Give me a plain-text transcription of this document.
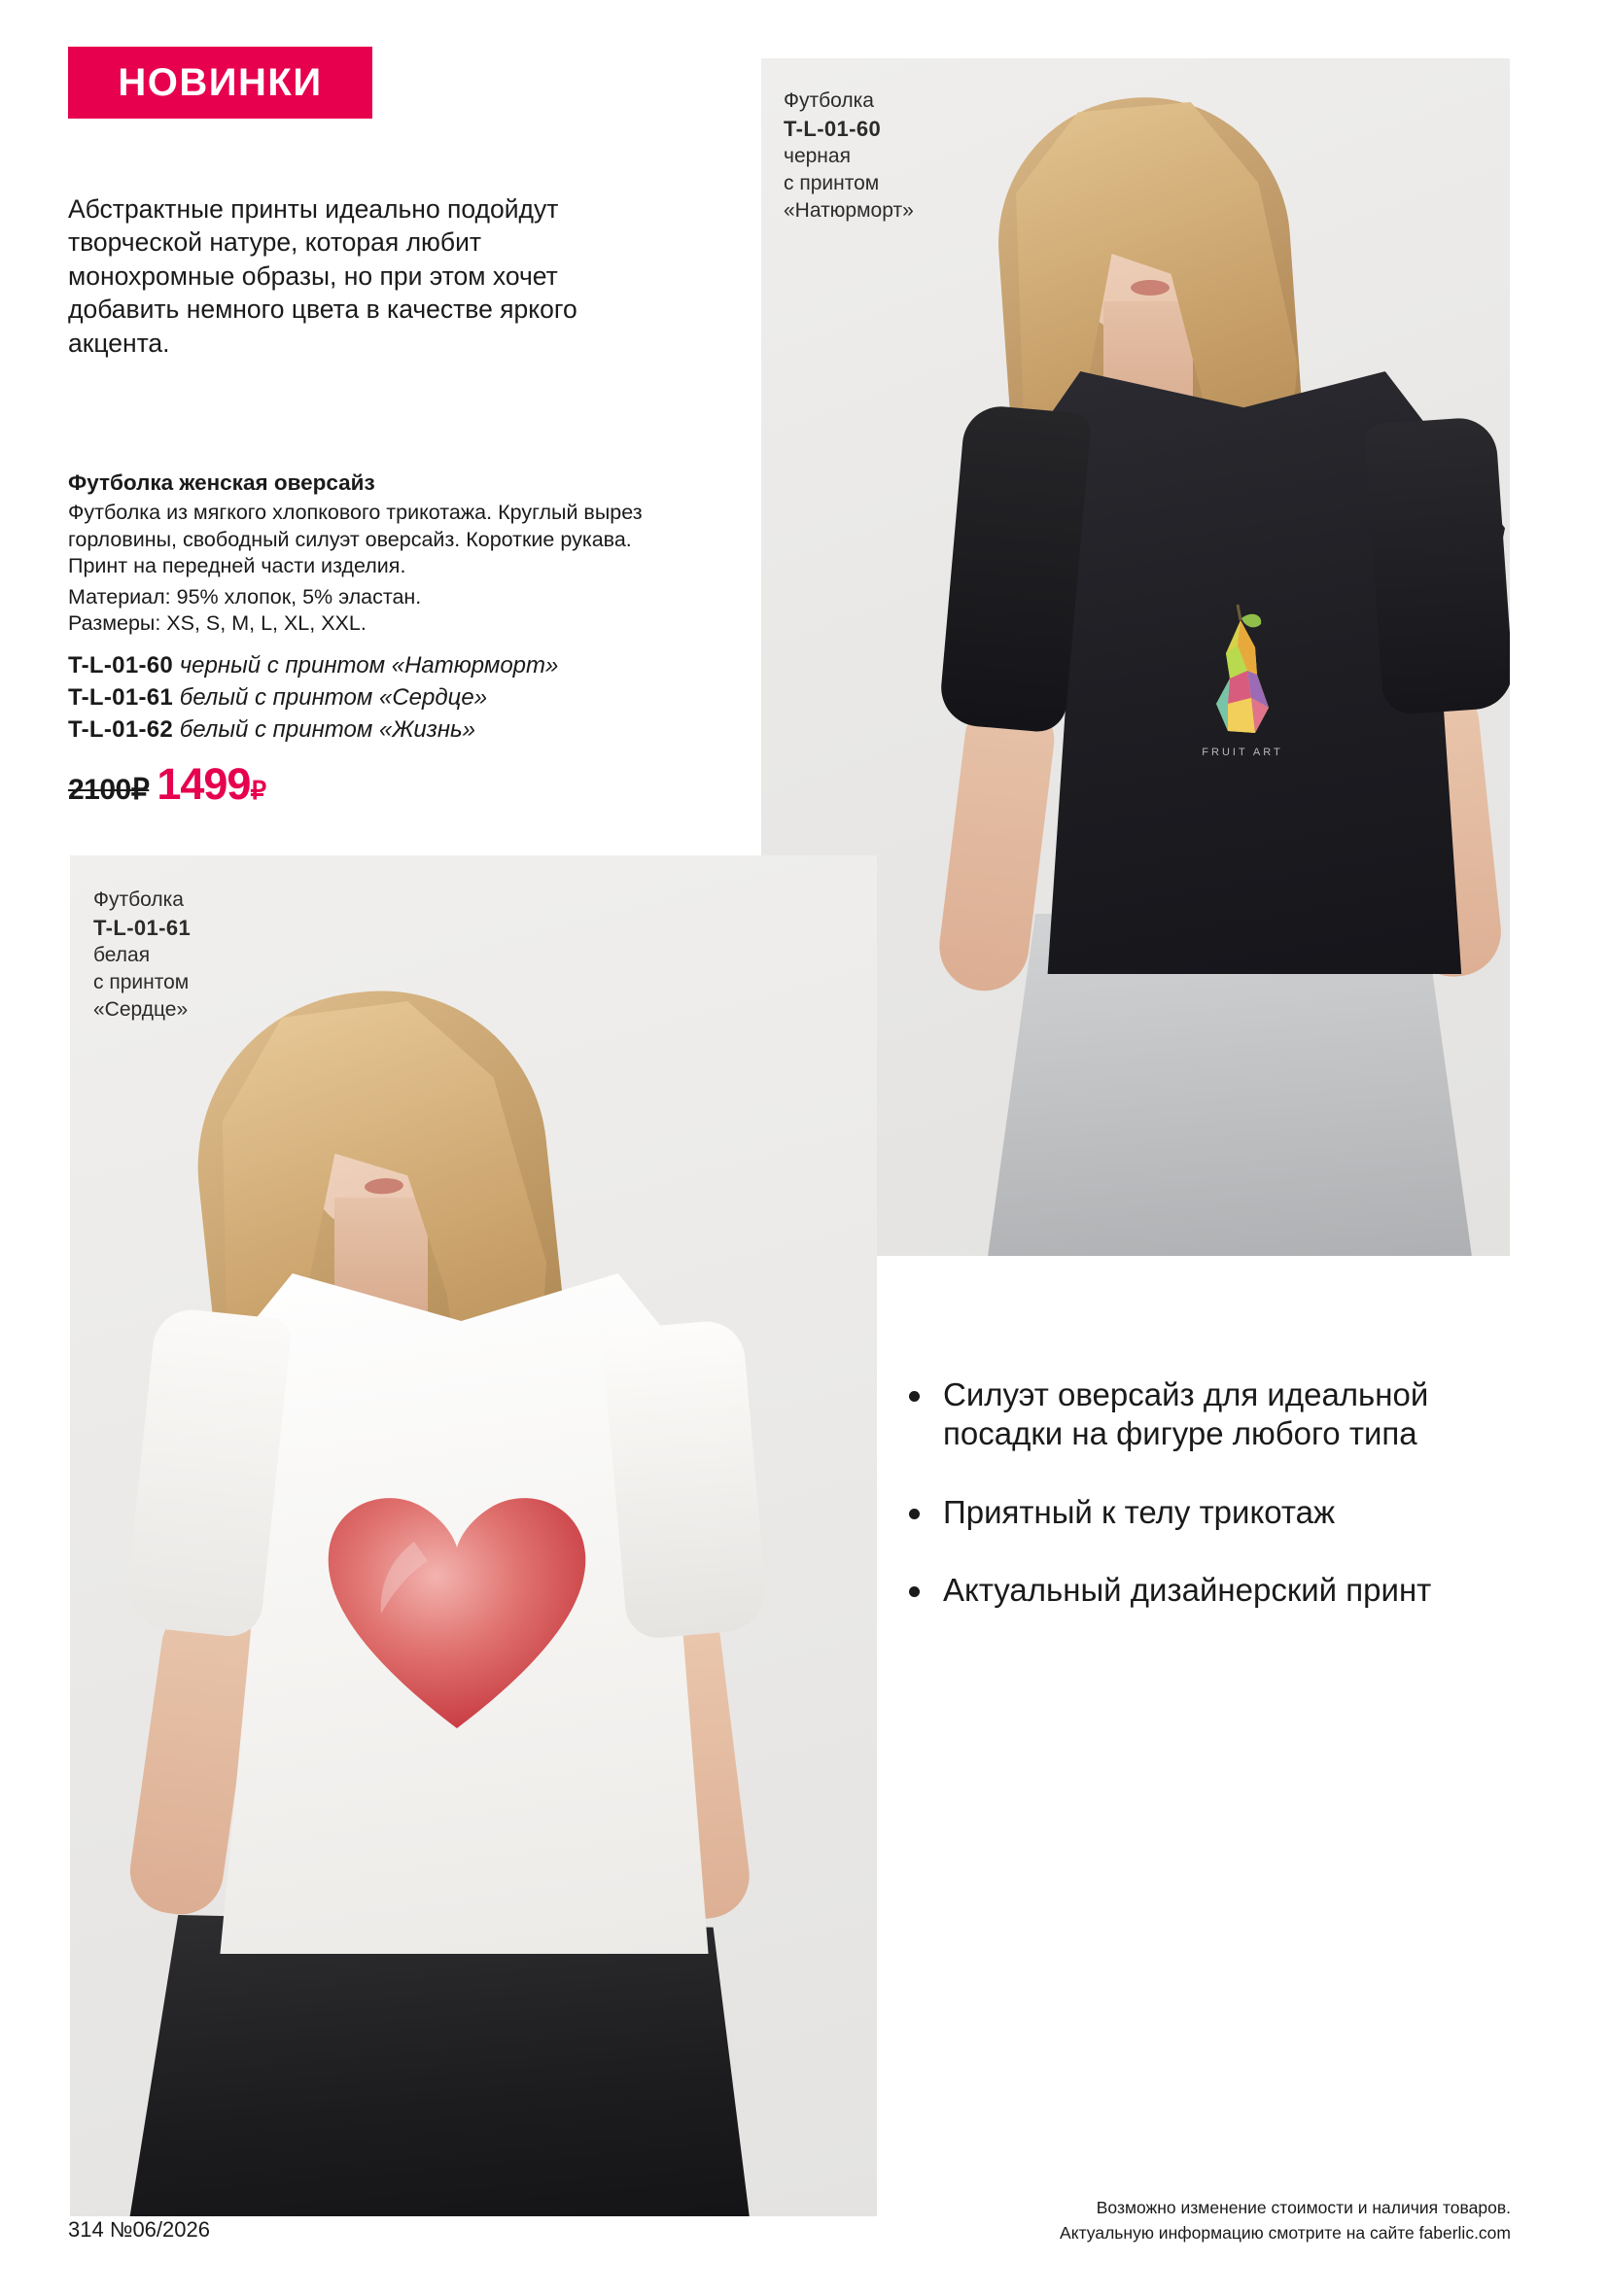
НОВИНКИ
Абстрактные принты идеально подойдут творческой натуре, которая любит монохромные образы, но при этом хочет добавить немного цвета в качестве яркого акцента.
Футболка женская оверсайз

Футболка из мягкого хлопкового трикотажа. Круглый вырез горловины, свободный силуэт оверсайз. Короткие рукава. Принт на передней части изделия.

Материал: 95% хлопок, 5% эластан.

Размеры: XS, S, M, L, XL, XXL.

T-L-01-60 черный с принтом «Натюрморт»
T-L-01-61 белый с принтом «Сердце»
T-L-01-62 белый с принтом «Жизнь»
2100₽ 1499₽
Футболка
T-L-01-60
черная
с принтом
«Натюрморт»
FRUIT ART
Футболка
T-L-01-61
белая
с принтом
«Сердце»
Силуэт оверсайз для идеальной посадки на фигуре любого типа
Приятный к телу трикотаж
Актуальный дизайнерский принт
314 №06/2026
Возможно изменение стоимости и наличия товаров.
Актуальную информацию смотрите на сайте faberlic.com
